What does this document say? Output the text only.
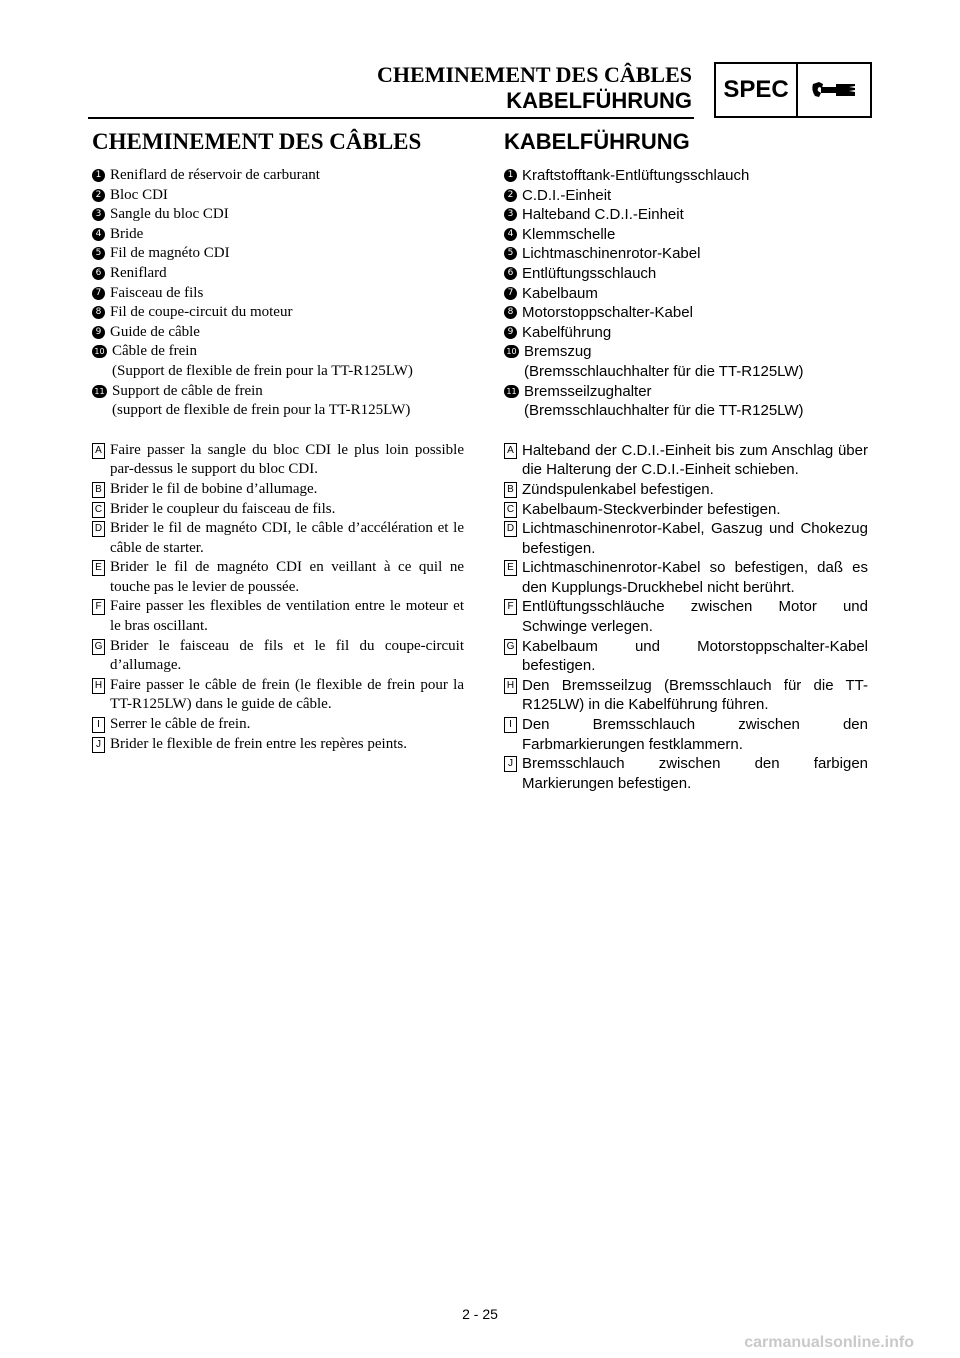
CHEMINEMENT DES CÂBLES
KABELFÜHRUNG	SPEC
CHEMINEMENT DES CÂBLES
1 Reniflard de réservoir de carburant
2 Bloc CDI
3 Sangle du bloc CDI
4 Bride
5 Fil de magnéto CDI
6 Reniflard
7 Faisceau de fils
8 Fil de coupe-circuit du moteur
9 Guide de câble
10 Câble de frein
(Support de flexible de frein pour la TT-R125LW)
11 Support de câble de frein
(support de flexible de frein pour la TT-R125LW)
A Faire passer la sangle du bloc CDI le plus loin possible par-dessus le support du bloc CDI.
B Brider le fil de bobine d’allumage.
C Brider le coupleur du faisceau de fils.
D Brider le fil de magnéto CDI, le câble d’accélération et le câble de starter.
E Brider le fil de magnéto CDI en veillant à ce quil ne touche pas le levier de poussée.
F Faire passer les flexibles de ventilation entre le moteur et le bras oscillant.
G Brider le faisceau de fils et le fil du coupe-circuit d’allumage.
H Faire passer le câble de frein (le flexible de frein pour la TT-R125LW) dans le guide de câble.
I Serrer le câble de frein.
J Brider le flexible de frein entre les repères peints.
KABELFÜHRUNG
1 Kraftstofftank-Entlüftungsschlauch
2 C.D.I.-Einheit
3 Halteband C.D.I.-Einheit
4 Klemmschelle
5 Lichtmaschinenrotor-Kabel
6 Entlüftungsschlauch
7 Kabelbaum
8 Motorstoppschalter-Kabel
9 Kabelführung
10 Bremszug
(Bremsschlauchhalter für die TT-R125LW)
11 Bremsseilzughalter
(Bremsschlauchhalter für die TT-R125LW)
A Halteband der C.D.I.-Einheit bis zum Anschlag über die Halterung der C.D.I.-Einheit schieben.
B Zündspulenkabel befestigen.
C Kabelbaum-Steckverbinder befestigen.
D Lichtmaschinenrotor-Kabel, Gaszug und Chokezug befestigen.
E Lichtmaschinenrotor-Kabel so befestigen, daß es den Kupplungs-Druckhebel nicht berührt.
F Entlüftungsschläuche zwischen Motor und Schwinge verlegen.
G Kabelbaum und Motorstoppschalter-Kabel befestigen.
H Den Bremsseilzug (Bremsschlauch für die TT-R125LW) in die Kabelführung führen.
I Den Bremsschlauch zwischen den Farbmarkierungen festklammern.
J Bremsschlauch zwischen den farbigen Markierungen befestigen.
2 - 25
carmanualsonline.info
